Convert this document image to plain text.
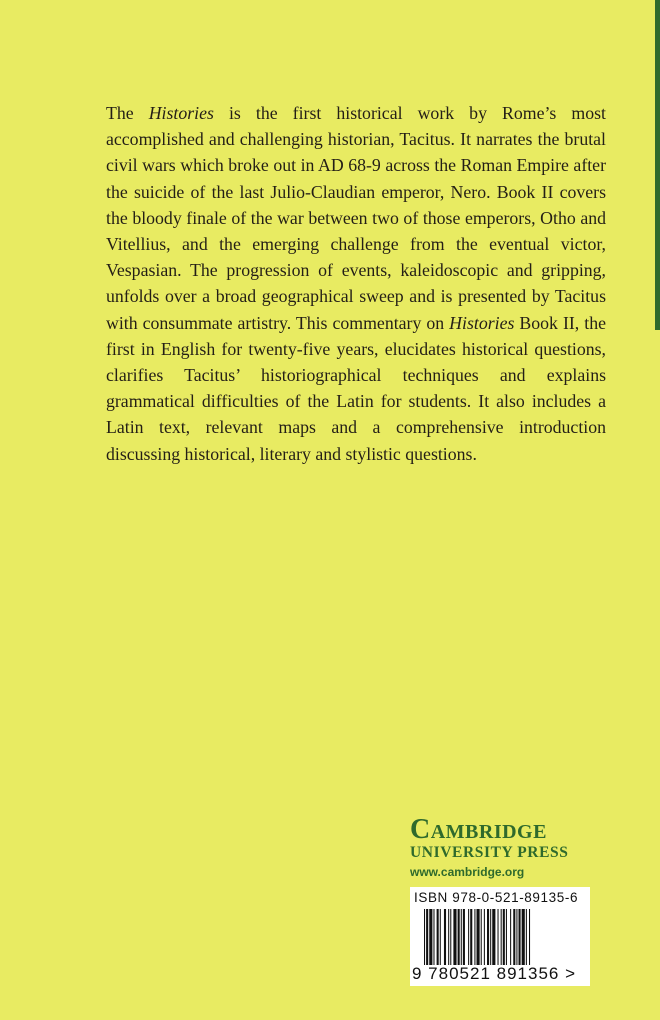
The Histories is the first historical work by Rome’s most accomplished and challenging historian, Tacitus. It narrates the brutal civil wars which broke out in AD 68-9 across the Roman Empire after the suicide of the last Julio-Claudian emperor, Nero. Book II covers the bloody finale of the war between two of those emperors, Otho and Vitellius, and the emerging challenge from the eventual victor, Vespasian. The progression of events, kaleidoscopic and gripping, unfolds over a broad geographical sweep and is presented by Tacitus with consummate artistry. This commentary on Histories Book II, the first in English for twenty-five years, elucidates historical questions, clarifies Tacitus’ historiographical techniques and explains grammatical difficulties of the Latin for students. It also includes a Latin text, relevant maps and a comprehensive introduction discussing historical, literary and stylistic questions.

Cambridge

UNIVERSITY PRESS

www.cambridge.org

ISBN 978-0-521-89135-6
9 780521 891356 >
